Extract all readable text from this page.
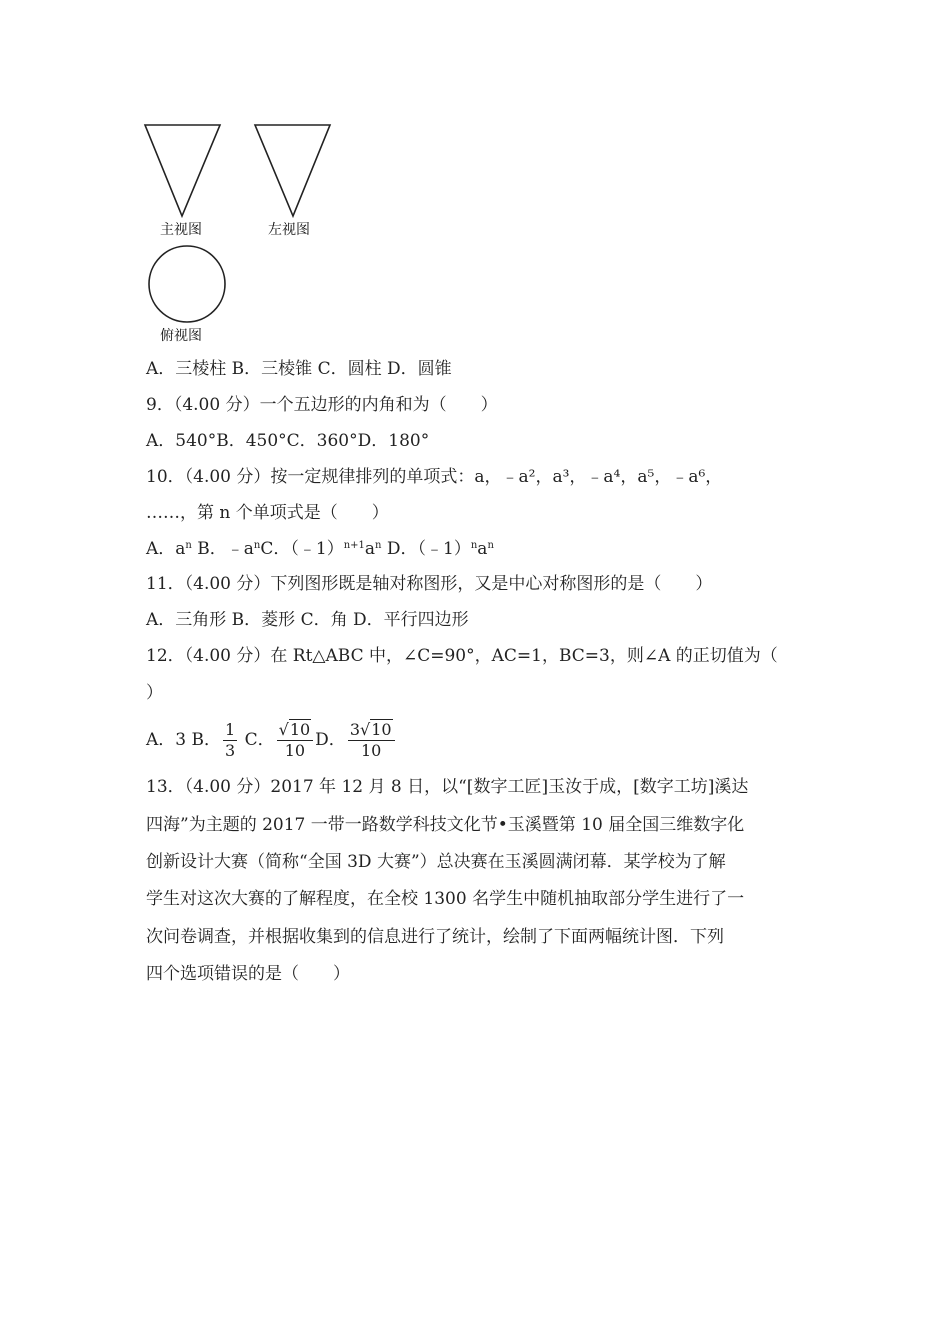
主视图	左视图
俯视图
A．三棱柱 B．三棱锥 C．圆柱 D．圆锥
9．（4.00 分）一个五边形的内角和为（　　）
A．540°B．450°C．360°D．180°
10．（4.00 分）按一定规律排列的单项式：a，﹣a²，a³，﹣a⁴，a⁵，﹣a⁶，
……，第 n 个单项式是（　　）
A．$a^n$ B．$﹣a^nC$．$(﹣1)^{n+1}a^n$ D．$(﹣1)^na^n$
11．（4.00 分）下列图形既是轴对称图形，又是中心对称图形的是（　　）
A．三角形 B．菱形 C．角 D．平行四边形
12．（4.00 分）在 Rt△ABC 中，∠C=90°，AC=1，BC=3，则∠A 的正切值为（
）
A．3 B． $\frac{1}{3}$ C． $\frac{√10}{10}$ D． $\frac{3√10}{10}$
13．（4.00 分）2017 年 12 月 8 日，以“[数字工匠]玉汝于成，[数字工坊]溪达
四海”为主题的 2017 一带一路数学科技文化节•玉溪暨第 10 届全国三维数字化
创新设计大赛（简称“全国 3D 大赛”）总决赛在玉溪圆满闭幕．某学校为了解
学生对这次大赛的了解程度，在全校 1300 名学生中随机抽取部分学生进行了一
次问卷调查，并根据收集到的信息进行了统计，绘制了下面两幅统计图．下列
四个选项错误的是（　　）
